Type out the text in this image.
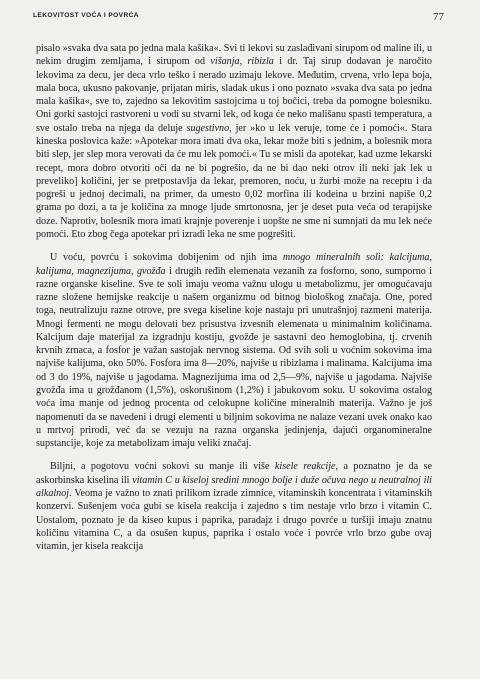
LEKOVITOST VOĆA I POVRĆA	77

pisalo »svaka dva sata po jedna mala kašika«. Svi ti lekovi su zaslađivani sirupom od maline ili, u nekim drugim zemljama, i sirupom od višanja, ribizla i dr. Taj sirup dodavan je naročito lekovima za decu, jer deca vrlo teško i nerado uzimaju lekove. Međutim, crvena, vrlo lepa boja, mala boca, ukusno pakovanje, prijatan miris, sladak ukus i ono poznato »svaka dva sata po jedna mala kašika«, sve to, zajedno sa lekovitim sastojcima u toj bočici, treba da pomogne bolesniku. Oni gorki sastojci rastvoreni u vodi su stvarni lek, od koga će neko mališanu spasti temperatura, a sve ostalo treba na njega da deluje sugestivno, jer »ko u lek veruje, tome će i pomoći«. Stara kineska poslovica kaže: »Apotekar mora imati dva oka, lekar može biti s jednim, a bolesnik mora biti slep, jer slep mora verovati da će mu lek pomoći.« Tu se misli da apotekar, kad uzme lekarski recept, mora dobro otvoriti oči da ne bi pogrešio, da ne bi dao neki otrov ili neki jak lek u preveliko] količini, jer se pretpostavlja da lekar, premoren, noću, u žurbi može na receptu i da pogreši u jednoj decimali, na primer, da umesto 0,02 morfina ili kodeina u brzini napiše 0,2 grama po dozi, a ta je količina za mnoge ljude smrtonosna, jer je deset puta veća od terapijske doze. Naprotiv, bolesnik mora imati krajnje poverenje i uopšte ne sme ni sumnjati da mu lek neće pomoći. Eto zbog čega apotekar pri izradi leka ne sme pogrešiti.

U voću, povrću i sokovima dobijenim od njih ima mnogo mineralnih soli: kalcijuma, kalijuma, magnezijuma, gvožđa i drugih ređih elemenata vezanih za fosforno, sono, sumporno i razne organske kiseline. Sve te soli imaju veoma važnu ulogu u metabolizmu, jer omogućavaju razne složene hemijske reakcije u našem organizmu od bitnog biološkog značaja. One, pored toga, neutralizuju razne otrove, pre svega kiseline koje nastaju pri unutrašnjoj razmeni materija. Mnogi fermenti ne mogu delovati bez prisustva izvesnih elemenata u minimalnim količinama. Kalcijum daje materijal za izgradnju kostiju, gvožđe je sastavni deo hemoglobina, tj. crvenih krvnih zrnaca, a fosfor je važan sastojak nervnog sistema. Od svih soli u voćnim sokovima ima najviše kalijuma, oko 50%. Fosfora ima 8—20%, najviše u ribizlama i malinama. Kalcijuma ima od 3 do 19%, najviše u jagodama. Magnezijuma ima od 2,5—9%, najviše u jagodama. Najviše gvožđa ima u grožđanom (1,5%), oskorušinom (1,2%) i jabukovom soku. U sokovima ostalog voća ima manje od jednog procenta od celokupne količine mineralnih materija. Važno je još napomenuti da se navedeni i drugi elementi u biljnim sokovima ne nalaze vezani uvek onako kao u mrtvoj prirodi, već da se vezuju na razna organska jedinjenja, dajući organomineralne supstancije, koje za metabolizam imaju veliki značaj.

Biljni, a pogotovu voćni sokovi su manje ili više kisele reakcije, a poznatno je da se askorbinska kiselina ili vitamin C u kiseloj sredini mnogo bolje i duže očuva nego u neutralnoj ili alkalnoj. Veoma je važno to znati prilikom izrade zimnice, vitaminskih koncentrata i vitaminskih konzervi. Sušenjem voća gubi se kisela reakcija i zajedno s tim nestaje vrlo brzo i vitamin C. Uostalom, poznato je da kiseo kupus i paprika, paradajz i drugo povrće u turšiji imaju znatnu količinu vitamina C, a da osušen kupus, paprika i ostalo voće i povrće vrlo brzo gube ovaj vitamin, jer kisela reakcija
